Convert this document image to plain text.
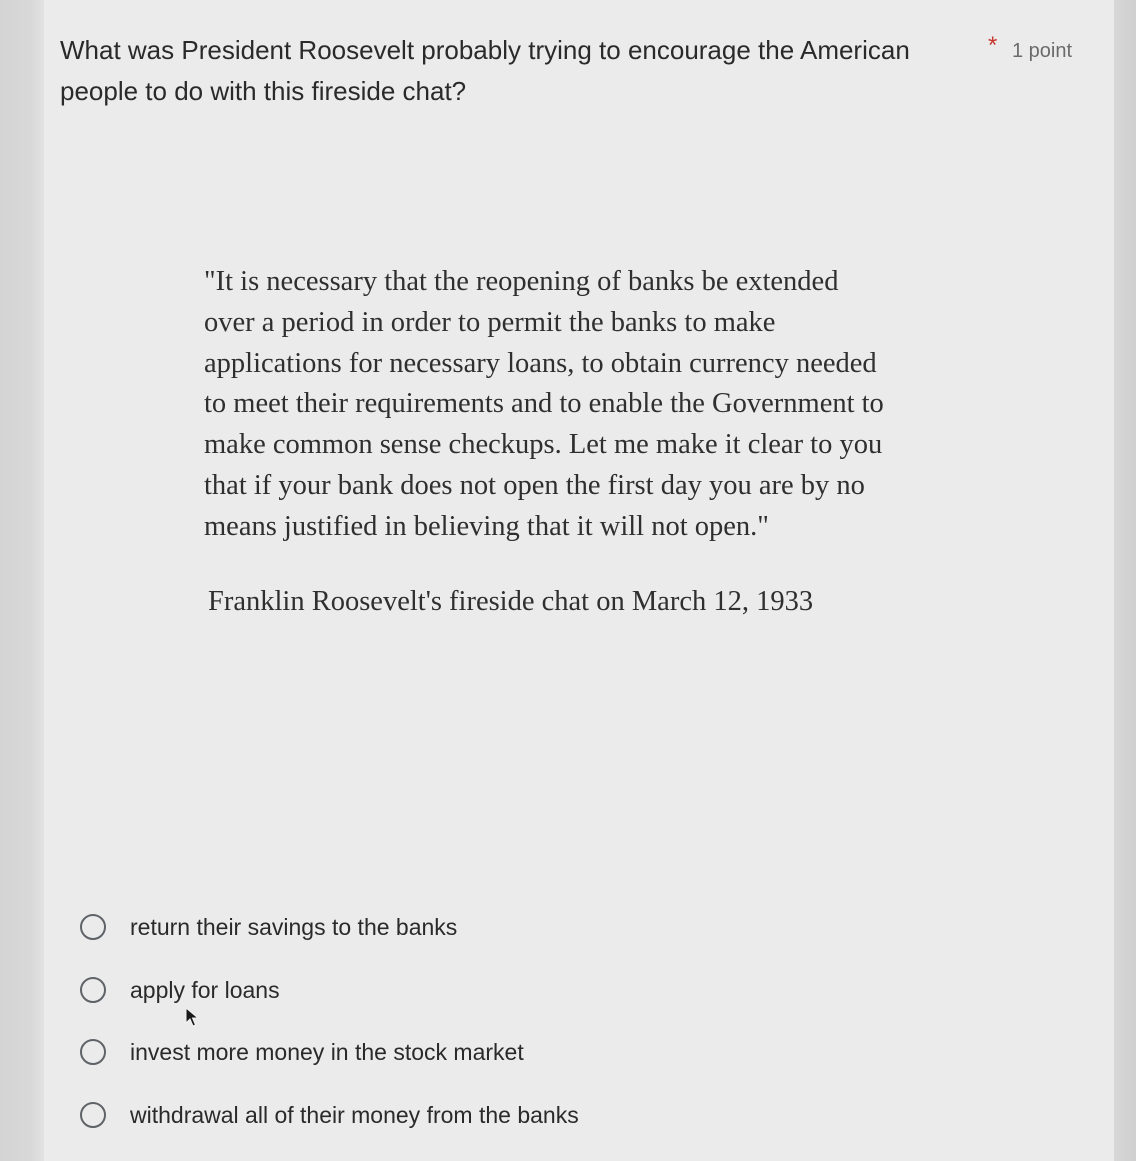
What was President Roosevelt probably trying to encourage the American people to do with this fireside chat?
* 1 point

"It is necessary that the reopening of banks be extended over a period in order to permit the banks to make applications for necessary loans, to obtain currency needed to meet their requirements and to enable the Government to make common sense checkups. Let me make it clear to you that if your bank does not open the first day you are by no means justified in believing that it will not open."

Franklin Roosevelt's fireside chat on March 12, 1933
return their savings to the banks
apply for loans
invest more money in the stock market
withdrawal all of their money from the banks
